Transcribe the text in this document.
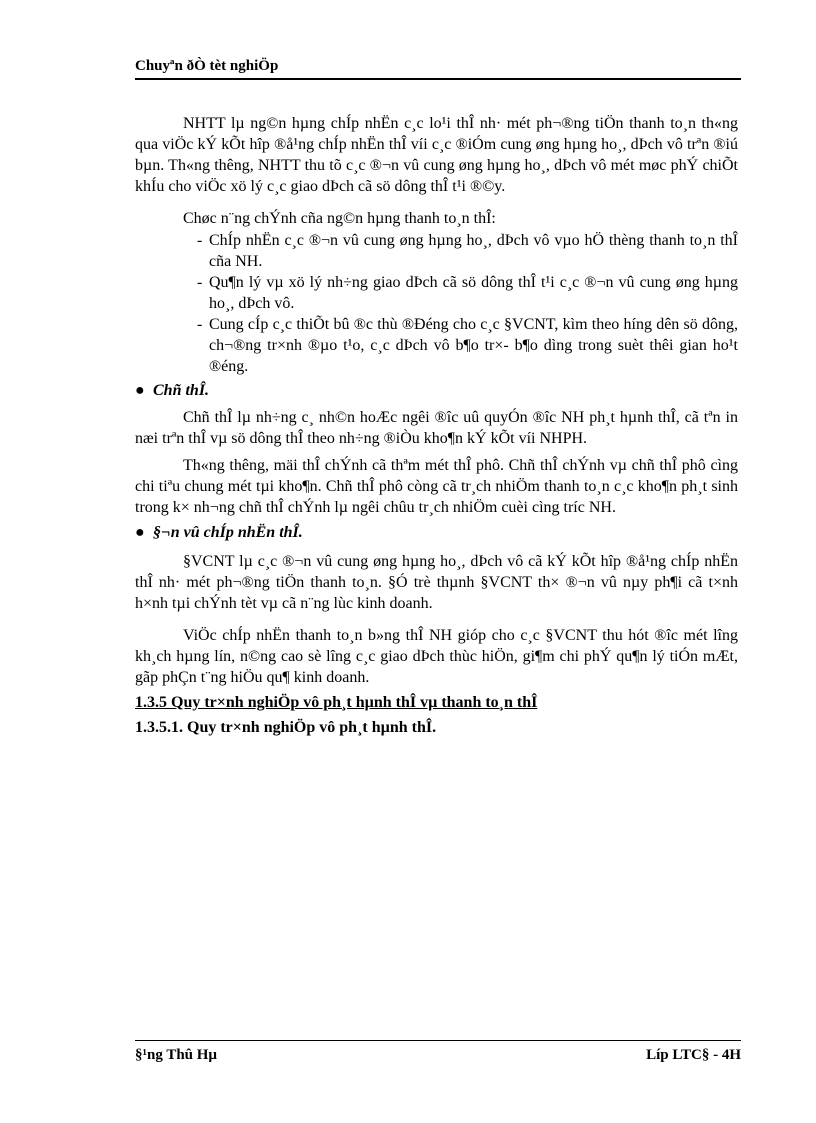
Chuyªn ðÒ tèt nghiÖp

NHTT lµ ng©n hµng chÍp nhËn c¸c lo¹i thÎ nh· mét ph¬®ng tiÖn thanh to¸n th«ng qua viÖc kÝ kÕt hîp ®å¹ng chÍp nhËn thÎ víi c¸c ®iÓm cung øng hµng ho¸, dÞch vô trªn ®iú bµn. Th«ng thêng, NHTT thu tõ c¸c ®¬n vû cung øng hµng ho¸, dÞch vô mét møc phÝ chiÕt khÍu cho viÖc xö lý c¸c giao dÞch cã sö dông thÎ t¹i ®©y.

Chøc n¨ng chÝnh cña ng©n hµng thanh to¸n thÎ:
- ChÍp nhËn c¸c ®¬n vû cung øng hµng ho¸, dÞch vô vµo hÖ thèng thanh to¸n thÎ cña NH.
- Qu¶n lý vµ xö lý nh÷ng giao dÞch cã sö dông thÎ t¹i c¸c ®¬n vû cung øng hµng ho¸, dÞch vô.
- Cung cÍp c¸c thiÕt bû ®c thù ®Ðéng cho c¸c §VCNT, kìm theo híng dên sö dông, ch¬®ng tr×nh ®µo t¹o, c¸c dÞch vô b¶o tr×- b¶o dìng trong suèt thêi gian ho¹t ®éng.
● Chñ thÎ.

Chñ thÎ lµ nh÷ng c¸ nh©n hoÆc ngêi ®îc uû quyÓn ®îc NH ph¸t hµnh thÎ, cã tªn in næi trªn thÎ vµ sö dông thÎ theo nh÷ng ®iÒu kho¶n kÝ kÕt víi NHPH.

Th«ng thêng, mäi thÎ chÝnh cã thªm mét thÎ phô. Chñ thÎ chÝnh vµ chñ thÎ phô cìng chi tiªu chung mét tµi kho¶n. Chñ thÎ phô còng cã tr¸ch nhiÖm thanh to¸n c¸c kho¶n ph¸t sinh trong k× nh¬ng chñ thÎ chÝnh lµ ngêi chûu tr¸ch nhiÖm cuèi cìng tríc NH.

● §¬n vû chÍp nhËn thÎ.

§VCNT lµ c¸c ®¬n vû cung øng hµng ho¸, dÞch vô cã kÝ kÕt hîp ®å¹ng chÍp nhËn thÎ nh· mét ph¬®ng tiÖn thanh to¸n. §Ó trè thµnh §VCNT th× ®¬n vû nµy ph¶i cã t×nh h×nh tµi chÝnh tèt vµ cã n¨ng lùc kinh doanh.

ViÖc chÍp nhËn thanh to¸n b»ng thÎ NH gióp cho c¸c §VCNT thu hót ®îc mét lîng kh¸ch hµng lín, n©ng cao sè lîng c¸c giao dÞch thùc hiÖn, gi¶m chi phÝ qu¶n lý tiÓn mÆt, gãp phÇn t¨ng hiÖu qu¶ kinh doanh.

1.3.5 Quy tr×nh nghiÖp vô ph¸t hµnh thÎ vµ thanh to¸n thÎ
1.3.5.1. Quy tr×nh nghiÖp vô ph¸t hµnh thÎ.
§¹ng Thû Hµ	Líp LTC§ - 4H
